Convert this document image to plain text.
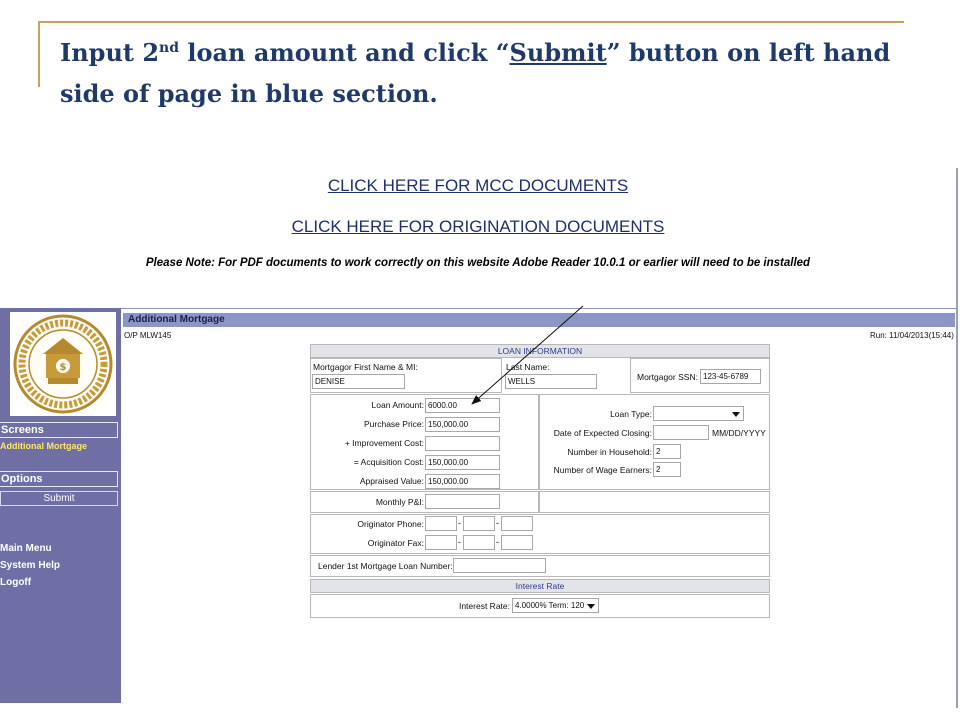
Input 2nd loan amount and click “Submit” button on left hand side of page in blue section.
CLICK HERE FOR MCC DOCUMENTS
CLICK HERE FOR ORIGINATION DOCUMENTS
Please Note: For PDF documents to work correctly on this website Adobe Reader 10.0.1 or earlier will need to be installed
$
Screens
Additional Mortgage
Options
Submit
Main Menu
System Help
Logoff
Additional Mortgage
O/P MLW145	Run: 11/04/2013(15:44)
LOAN INFORMATION
Mortgagor First Name & MI:
DENISE
Last Name:
WELLS	Mortgagor SSN: 123-45-6789
Loan Amount: 6000.00
Purchase Price: 150,000.00
+ Improvement Cost:
= Acquisition Cost: 150,000.00
Appraised Value: 150,000.00
Loan Type:
Date of Expected Closing:	MM/DD/YYYY
Number in Household: 2
Number of Wage Earners: 2
Monthly P&I:
Originator Phone:	-	-
Originator Fax:	-	-
Lender 1st Mortgage Loan Number:
Interest Rate
Interest Rate: 4.0000% Term: 120
